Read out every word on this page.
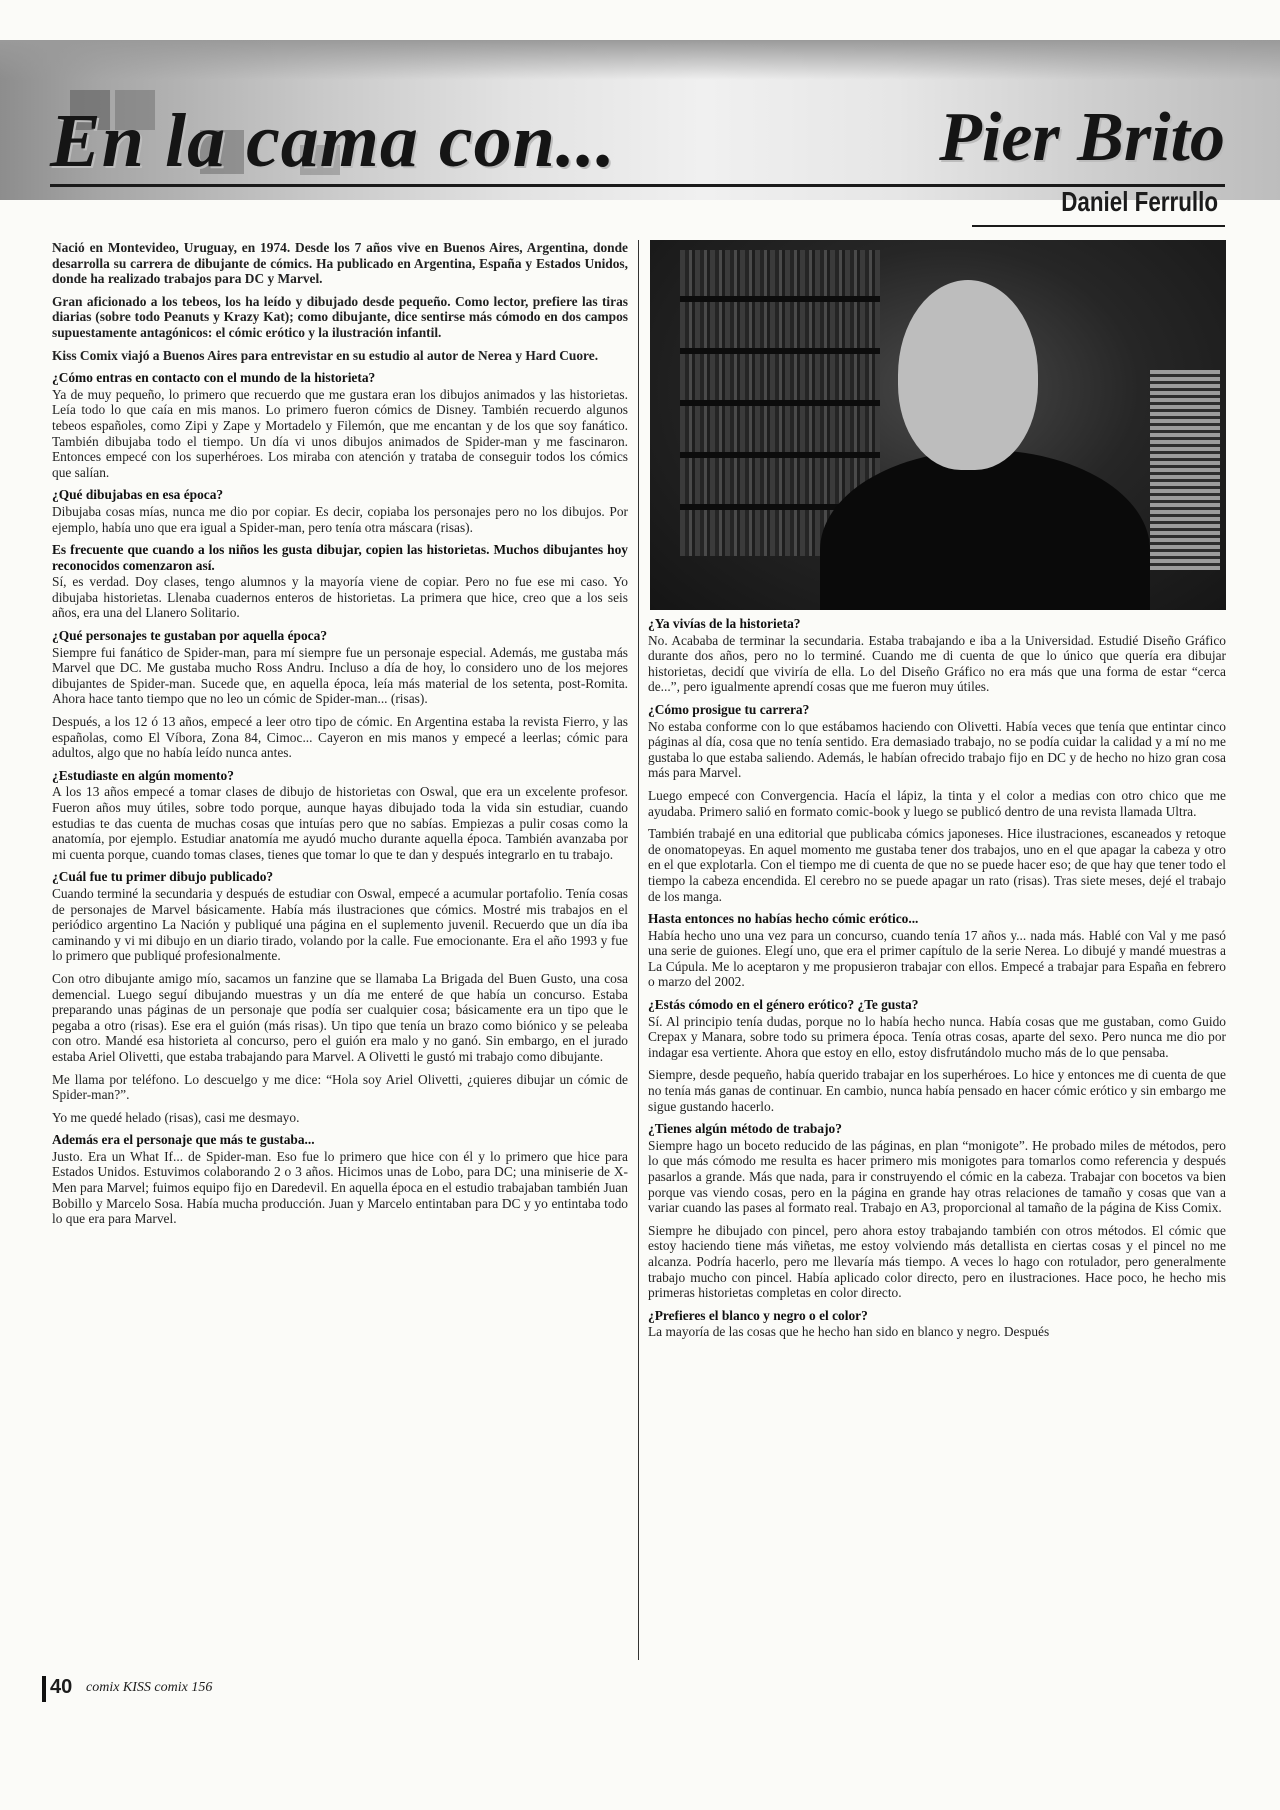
En la cama con...	Pier Brito
Daniel Ferrullo

Nació en Montevideo, Uruguay, en 1974. Desde los 7 años vive en Buenos Aires, Argentina, donde desarrolla su carrera de dibujante de cómics. Ha publicado en Argentina, España y Estados Unidos, donde ha realizado trabajos para DC y Marvel.

Gran aficionado a los tebeos, los ha leído y dibujado desde pequeño. Como lector, prefiere las tiras diarias (sobre todo Peanuts y Krazy Kat); como dibujante, dice sentirse más cómodo en dos campos supuestamente antagónicos: el cómic erótico y la ilustración infantil.

Kiss Comix viajó a Buenos Aires para entrevistar en su estudio al autor de Nerea y Hard Cuore.

¿Cómo entras en contacto con el mundo de la historieta?

Ya de muy pequeño, lo primero que recuerdo que me gustara eran los dibujos animados y las historietas. Leía todo lo que caía en mis manos. Lo primero fueron cómics de Disney. También recuerdo algunos tebeos españoles, como Zipi y Zape y Mortadelo y Filemón, que me encantan y de los que soy fanático. También dibujaba todo el tiempo. Un día vi unos dibujos animados de Spider-man y me fascinaron. Entonces empecé con los superhéroes. Los miraba con atención y trataba de conseguir todos los cómics que salían.

¿Qué dibujabas en esa época?

Dibujaba cosas mías, nunca me dio por copiar. Es decir, copiaba los personajes pero no los dibujos. Por ejemplo, había uno que era igual a Spider-man, pero tenía otra máscara (risas).

Es frecuente que cuando a los niños les gusta dibujar, copien las historietas. Muchos dibujantes hoy reconocidos comenzaron así.

Sí, es verdad. Doy clases, tengo alumnos y la mayoría viene de copiar. Pero no fue ese mi caso. Yo dibujaba historietas. Llenaba cuadernos enteros de historietas. La primera que hice, creo que a los seis años, era una del Llanero Solitario.

¿Qué personajes te gustaban por aquella época?

Siempre fui fanático de Spider-man, para mí siempre fue un personaje especial. Además, me gustaba más Marvel que DC. Me gustaba mucho Ross Andru. Incluso a día de hoy, lo considero uno de los mejores dibujantes de Spider-man. Sucede que, en aquella época, leía más material de los setenta, post-Romita. Ahora hace tanto tiempo que no leo un cómic de Spider-man... (risas).

Después, a los 12 ó 13 años, empecé a leer otro tipo de cómic. En Argentina estaba la revista Fierro, y las españolas, como El Víbora, Zona 84, Cimoc... Cayeron en mis manos y empecé a leerlas; cómic para adultos, algo que no había leído nunca antes.

¿Estudiaste en algún momento?

A los 13 años empecé a tomar clases de dibujo de historietas con Oswal, que era un excelente profesor. Fueron años muy útiles, sobre todo porque, aunque hayas dibujado toda la vida sin estudiar, cuando estudias te das cuenta de muchas cosas que intuías pero que no sabías. Empiezas a pulir cosas como la anatomía, por ejemplo. Estudiar anatomía me ayudó mucho durante aquella época. También avanzaba por mi cuenta porque, cuando tomas clases, tienes que tomar lo que te dan y después integrarlo en tu trabajo.

¿Cuál fue tu primer dibujo publicado?

Cuando terminé la secundaria y después de estudiar con Oswal, empecé a acumular portafolio. Tenía cosas de personajes de Marvel básicamente. Había más ilustraciones que cómics. Mostré mis trabajos en el periódico argentino La Nación y publiqué una página en el suplemento juvenil. Recuerdo que un día iba caminando y vi mi dibujo en un diario tirado, volando por la calle. Fue emocionante. Era el año 1993 y fue lo primero que publiqué profesionalmente.

Con otro dibujante amigo mío, sacamos un fanzine que se llamaba La Brigada del Buen Gusto, una cosa demencial. Luego seguí dibujando muestras y un día me enteré de que había un concurso. Estaba preparando unas páginas de un personaje que podía ser cualquier cosa; básicamente era un tipo que le pegaba a otro (risas). Ese era el guión (más risas). Un tipo que tenía un brazo como biónico y se peleaba con otro. Mandé esa historieta al concurso, pero el guión era malo y no ganó. Sin embargo, en el jurado estaba Ariel Olivetti, que estaba trabajando para Marvel. A Olivetti le gustó mi trabajo como dibujante.

Me llama por teléfono. Lo descuelgo y me dice: “Hola soy Ariel Olivetti, ¿quieres dibujar un cómic de Spider-man?”.

Yo me quedé helado (risas), casi me desmayo.

Además era el personaje que más te gustaba...

Justo. Era un What If... de Spider-man. Eso fue lo primero que hice con él y lo primero que hice para Estados Unidos. Estuvimos colaborando 2 o 3 años. Hicimos unas de Lobo, para DC; una miniserie de X-Men para Marvel; fuimos equipo fijo en Daredevil. En aquella época en el estudio trabajaban también Juan Bobillo y Marcelo Sosa. Había mucha producción. Juan y Marcelo entintaban para DC y yo entintaba todo lo que era para Marvel.

¿Ya vivías de la historieta?

No. Acababa de terminar la secundaria. Estaba trabajando e iba a la Universidad. Estudié Diseño Gráfico durante dos años, pero no lo terminé. Cuando me di cuenta de que lo único que quería era dibujar historietas, decidí que viviría de ella. Lo del Diseño Gráfico no era más que una forma de estar “cerca de...”, pero igualmente aprendí cosas que me fueron muy útiles.

¿Cómo prosigue tu carrera?

No estaba conforme con lo que estábamos haciendo con Olivetti. Había veces que tenía que entintar cinco páginas al día, cosa que no tenía sentido. Era demasiado trabajo, no se podía cuidar la calidad y a mí no me gustaba lo que estaba saliendo. Además, le habían ofrecido trabajo fijo en DC y de hecho no hizo gran cosa más para Marvel.

Luego empecé con Convergencia. Hacía el lápiz, la tinta y el color a medias con otro chico que me ayudaba. Primero salió en formato comic-book y luego se publicó dentro de una revista llamada Ultra.

También trabajé en una editorial que publicaba cómics japoneses. Hice ilustraciones, escaneados y retoque de onomatopeyas. En aquel momento me gustaba tener dos trabajos, uno en el que apagar la cabeza y otro en el que explotarla. Con el tiempo me di cuenta de que no se puede hacer eso; de que hay que tener todo el tiempo la cabeza encendida. El cerebro no se puede apagar un rato (risas). Tras siete meses, dejé el trabajo de los manga.

Hasta entonces no habías hecho cómic erótico...

Había hecho uno una vez para un concurso, cuando tenía 17 años y... nada más. Hablé con Val y me pasó una serie de guiones. Elegí uno, que era el primer capítulo de la serie Nerea. Lo dibujé y mandé muestras a La Cúpula. Me lo aceptaron y me propusieron trabajar con ellos. Empecé a trabajar para España en febrero o marzo del 2002.

¿Estás cómodo en el género erótico? ¿Te gusta?

Sí. Al principio tenía dudas, porque no lo había hecho nunca. Había cosas que me gustaban, como Guido Crepax y Manara, sobre todo su primera época. Tenía otras cosas, aparte del sexo. Pero nunca me dio por indagar esa vertiente. Ahora que estoy en ello, estoy disfrutándolo mucho más de lo que pensaba.

Siempre, desde pequeño, había querido trabajar en los superhéroes. Lo hice y entonces me di cuenta de que no tenía más ganas de continuar. En cambio, nunca había pensado en hacer cómic erótico y sin embargo me sigue gustando hacerlo.

¿Tienes algún método de trabajo?

Siempre hago un boceto reducido de las páginas, en plan “monigote”. He probado miles de métodos, pero lo que más cómodo me resulta es hacer primero mis monigotes para tomarlos como referencia y después pasarlos a grande. Más que nada, para ir construyendo el cómic en la cabeza. Trabajar con bocetos va bien porque vas viendo cosas, pero en la página en grande hay otras relaciones de tamaño y cosas que van a variar cuando las pases al formato real. Trabajo en A3, proporcional al tamaño de la página de Kiss Comix.

Siempre he dibujado con pincel, pero ahora estoy trabajando también con otros métodos. El cómic que estoy haciendo tiene más viñetas, me estoy volviendo más detallista en ciertas cosas y el pincel no me alcanza. Podría hacerlo, pero me llevaría más tiempo. A veces lo hago con rotulador, pero generalmente trabajo mucho con pincel. Había aplicado color directo, pero en ilustraciones. Hace poco, he hecho mis primeras historietas completas en color directo.

¿Prefieres el blanco y negro o el color?

La mayoría de las cosas que he hecho han sido en blanco y negro. Después

40 comix KISS comix 156
